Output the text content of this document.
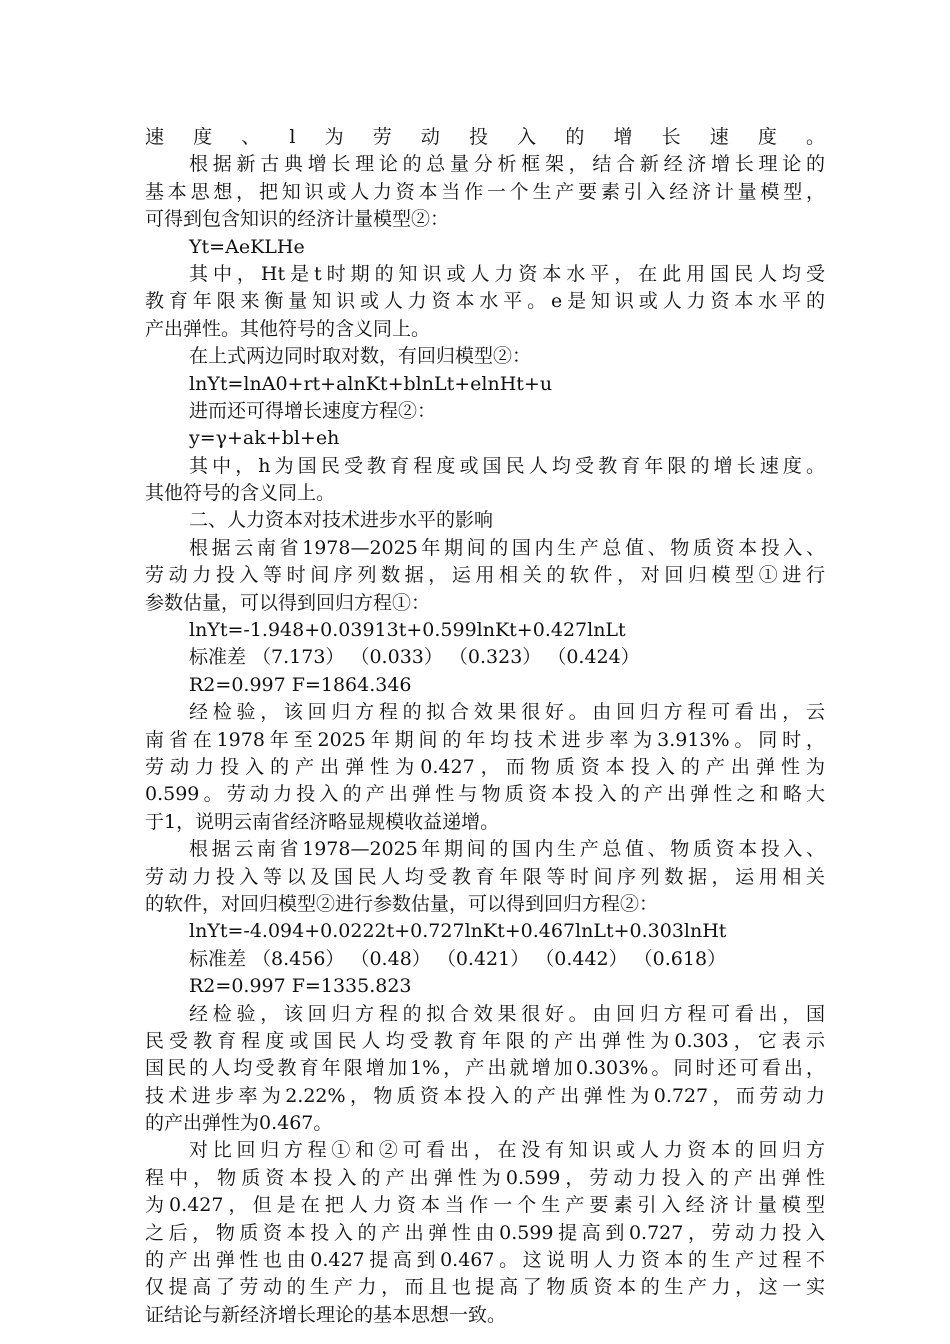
速度、l为劳动投入的增长速度。
根据新古典增长理论的总量分析框架，结合新经济增长理论的
基本思想，把知识或人力资本当作一个生产要素引入经济计量模型，
可得到包含知识的经济计量模型②：
Yt=AeKLHe
其中，Ht是t时期的知识或人力资本水平，在此用国民人均受
教育年限来衡量知识或人力资本水平。e是知识或人力资本水平的
产出弹性。其他符号的含义同上。
在上式两边同时取对数，有回归模型②：
lnYt=lnA0+rt+alnKt+blnLt+elnHt+u
进而还可得增长速度方程②：
y=γ+ak+bl+eh
其中，h为国民受教育程度或国民人均受教育年限的增长速度。
其他符号的含义同上。
二、人力资本对技术进步水平的影响
根据云南省1978—2025年期间的国内生产总值、物质资本投入、
劳动力投入等时间序列数据，运用相关的软件，对回归模型①进行
参数估量，可以得到回归方程①：
lnYt=-1.948+0.03913t+0.599lnKt+0.427lnLt
标准差 （7.173） （0.033） （0.323） （0.424）
R2=0.997 F=1864.346
经检验，该回归方程的拟合效果很好。由回归方程可看出，云
南省在1978年至2025年期间的年均技术进步率为3.913%。同时，
劳动力投入的产出弹性为0.427，而物质资本投入的产出弹性为
0.599。劳动力投入的产出弹性与物质资本投入的产出弹性之和略大
于1，说明云南省经济略显规模收益递增。
根据云南省1978—2025年期间的国内生产总值、物质资本投入、
劳动力投入等以及国民人均受教育年限等时间序列数据，运用相关
的软件，对回归模型②进行参数估量，可以得到回归方程②：
lnYt=-4.094+0.0222t+0.727lnKt+0.467lnLt+0.303lnHt
标准差 （8.456） （0.48） （0.421） （0.442） （0.618）
R2=0.997 F=1335.823
经检验，该回归方程的拟合效果很好。由回归方程可看出，国
民受教育程度或国民人均受教育年限的产出弹性为0.303，它表示
国民的人均受教育年限增加1%，产出就增加0.303%。同时还可看出，
技术进步率为2.22%，物质资本投入的产出弹性为0.727，而劳动力
的产出弹性为0.467。
对比回归方程①和②可看出，在没有知识或人力资本的回归方
程中，物质资本投入的产出弹性为0.599，劳动力投入的产出弹性
为0.427，但是在把人力资本当作一个生产要素引入经济计量模型
之后，物质资本投入的产出弹性由0.599提高到0.727，劳动力投入
的产出弹性也由0.427提高到0.467。这说明人力资本的生产过程不
仅提高了劳动的生产力，而且也提高了物质资本的生产力，这一实
证结论与新经济增长理论的基本思想一致。
